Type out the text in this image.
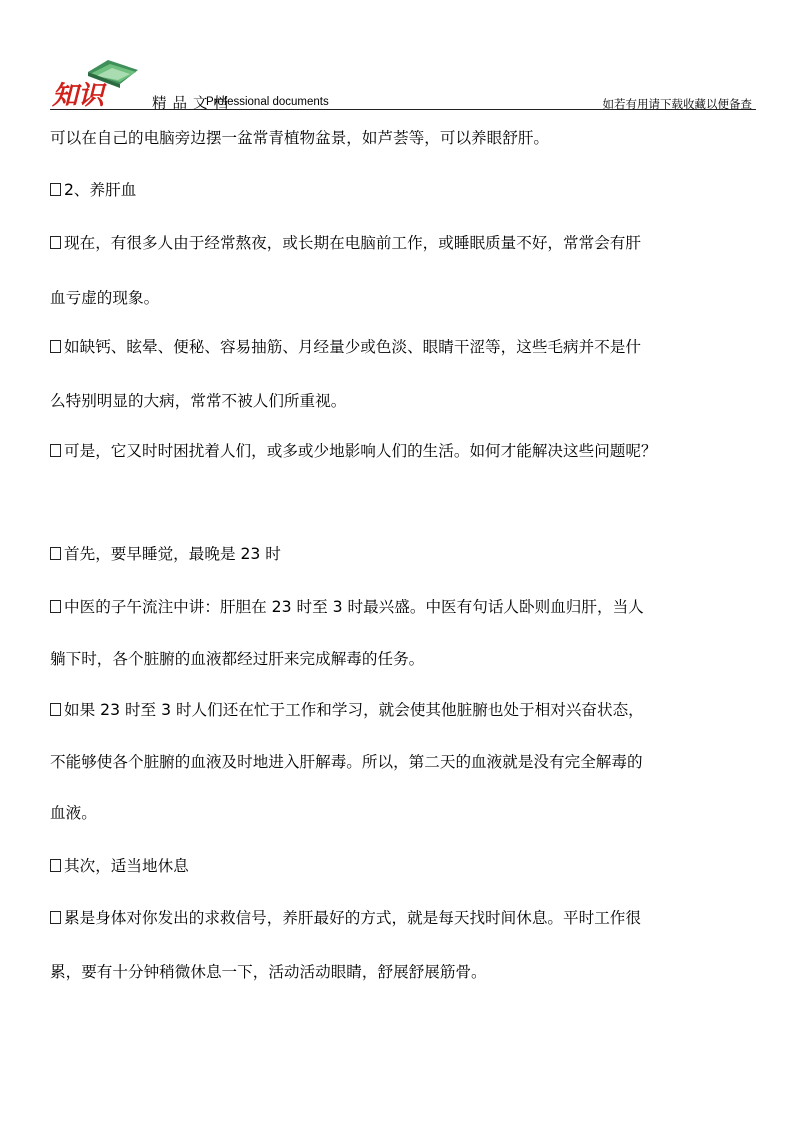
知识	精品文档
Professional documents	如若有用请下载收藏以便备查
可以在自己的电脑旁边摆一盆常青植物盆景，如芦荟等，可以养眼舒肝。
2、养肝血
现在，有很多人由于经常熬夜，或长期在电脑前工作，或睡眠质量不好，常常会有肝
血亏虚的现象。
如缺钙、眩晕、便秘、容易抽筋、月经量少或色淡、眼睛干涩等，这些毛病并不是什
么特别明显的大病，常常不被人们所重视。
可是，它又时时困扰着人们，或多或少地影响人们的生活。如何才能解决这些问题呢？
首先，要早睡觉，最晚是 23 时
中医的子午流注中讲：肝胆在 23 时至 3 时最兴盛。中医有句话人卧则血归肝，当人
躺下时，各个脏腑的血液都经过肝来完成解毒的任务。
如果 23 时至 3 时人们还在忙于工作和学习，就会使其他脏腑也处于相对兴奋状态，
不能够使各个脏腑的血液及时地进入肝解毒。所以，第二天的血液就是没有完全解毒的
血液。
其次，适当地休息
累是身体对你发出的求救信号，养肝最好的方式，就是每天找时间休息。平时工作很
累，要有十分钟稍微休息一下，活动活动眼睛，舒展舒展筋骨。
